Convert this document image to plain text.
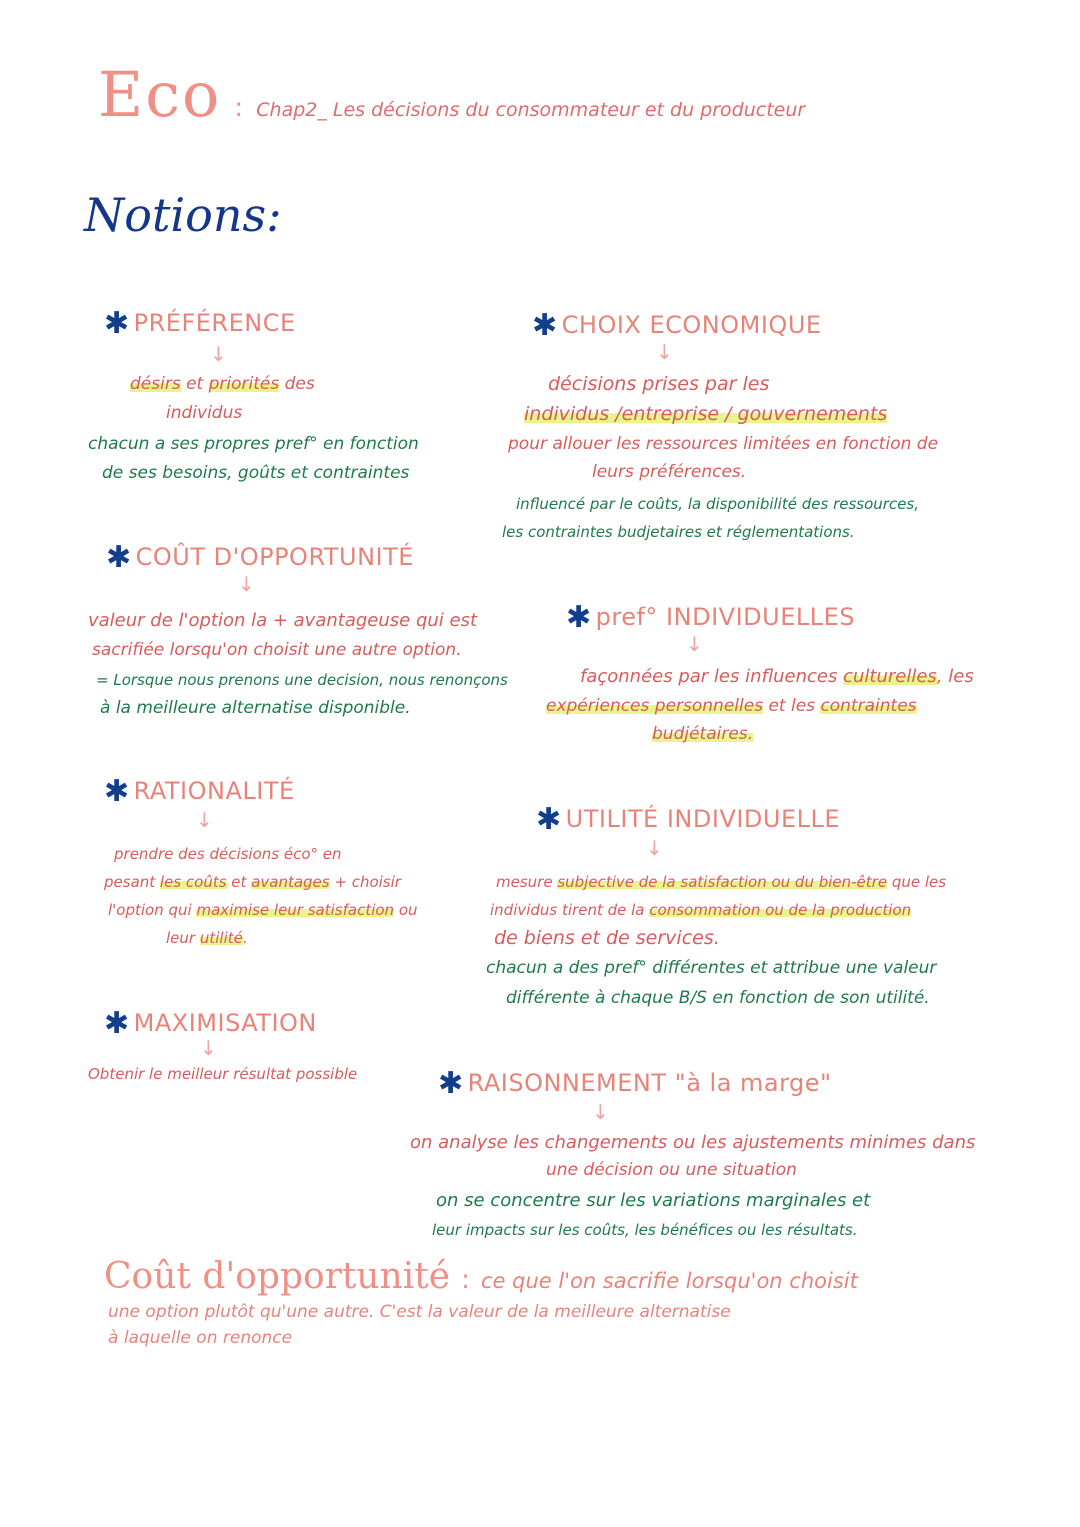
Eco : Chap2_ Les décisions du consommateur et du producteur
Notions:
✱ PRÉFÉRENCE
↓
désirs et priorités des
individus
chacun a ses propres pref° en fonction
de ses besoins, goûts et contraintes
✱ CHOIX ECONOMIQUE
↓
décisions prises par les
individus /entreprise / gouvernements
pour allouer les ressources limitées en fonction de
leurs préférences.
influencé par le coûts, la disponibilité des ressources,
les contraintes budjetaires et réglementations.
✱ COÛT D'OPPORTUNITÉ
↓
valeur de l'option la + avantageuse qui est
sacrifiée lorsqu'on choisit une autre option.
= Lorsque nous prenons une decision, nous renonçons
à la meilleure alternatise disponible.
✱ pref° INDIVIDUELLES
↓
façonnées par les influences culturelles, les
expériences personnelles et les contraintes
budjétaires.
✱ RATIONALITÉ
↓
prendre des décisions éco° en
pesant les coûts et avantages + choisir
l'option qui maximise leur satisfaction ou
leur utilité.
✱ UTILITÉ INDIVIDUELLE
↓
mesure subjective de la satisfaction ou du bien-être que les
individus tirent de la consommation ou de la production
de biens et de services.
chacun a des pref° différentes et attribue une valeur
différente à chaque B/S en fonction de son utilité.
✱ MAXIMISATION
↓
Obtenir le meilleur résultat possible	✱ RAISONNEMENT "à la marge"
↓
on analyse les changements ou les ajustements minimes dans
une décision ou une situation
on se concentre sur les variations marginales et
leur impacts sur les coûts, les bénéfices ou les résultats.
Coût d'opportunité : ce que l'on sacrifie lorsqu'on choisit
une option plutôt qu'une autre. C'est la valeur de la meilleure alternatise
à laquelle on renonce
